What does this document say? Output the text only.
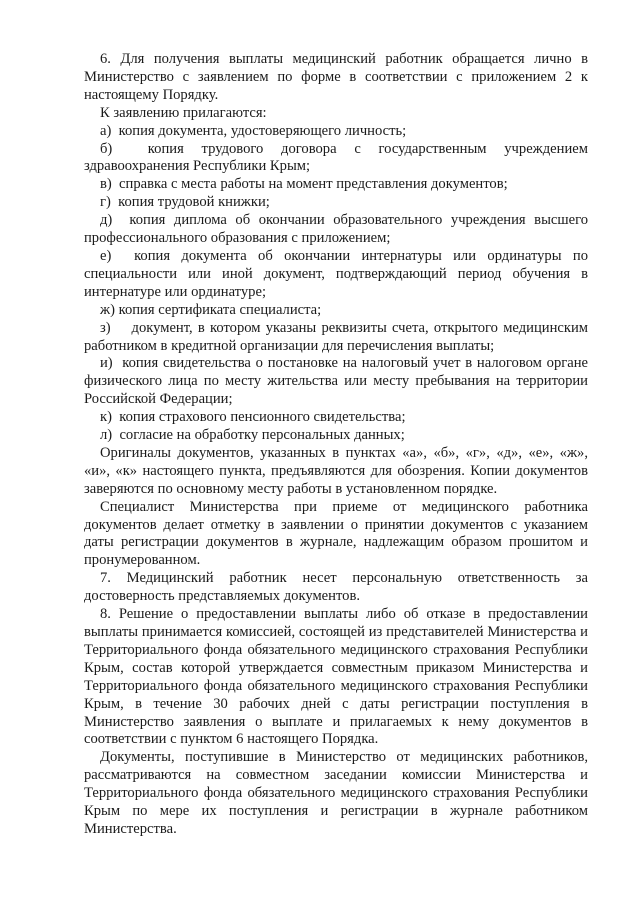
6. Для получения выплаты медицинский работник обращается лично в Министерство с заявлением по форме в соответствии с приложением 2 к настоящему Порядку.

К заявлению прилагаются:

а)  копия документа, удостоверяющего личность;

б)  копия трудового договора с государственным учреждением здравоохранения Республики Крым;

в)  справка с места работы на момент представления документов;

г)  копия трудовой книжки;

д)  копия диплома об окончании образовательного учреждения высшего профессионального образования с приложением;

е)  копия документа об окончании интернатуры или ординатуры по специальности или иной документ, подтверждающий период обучения в интернатуре или ординатуре;

ж) копия сертификата специалиста;

з)    документ, в котором указаны реквизиты счета, открытого медицинским работником в кредитной организации для перечисления выплаты;

и)  копия свидетельства о постановке на налоговый учет в налоговом органе физического лица по месту жительства или месту пребывания на территории Российской Федерации;

к)  копия страхового пенсионного свидетельства;

л)  согласие на обработку персональных данных;

Оригиналы документов, указанных в пунктах «а», «б», «г», «д», «е», «ж», «и», «к» настоящего пункта, предъявляются для обозрения. Копии документов заверяются по основному месту работы в установленном порядке.

Специалист Министерства при приеме от медицинского работника документов делает отметку в заявлении о принятии документов с указанием даты регистрации документов в журнале, надлежащим образом прошитом и пронумерованном.

7. Медицинский работник несет персональную ответственность за достоверность представляемых документов.

8. Решение о предоставлении выплаты либо об отказе в предоставлении выплаты принимается комиссией, состоящей из представителей Министерства и Территориального фонда обязательного медицинского страхования Республики Крым, состав которой утверждается совместным приказом Министерства и Территориального фонда обязательного медицинского страхования Республики Крым, в течение 30 рабочих дней с даты регистрации поступления в Министерство заявления о выплате и прилагаемых к нему документов в соответствии с пунктом 6 настоящего Порядка.

Документы, поступившие в Министерство от медицинских работников, рассматриваются на совместном заседании комиссии Министерства и Территориального фонда обязательного медицинского страхования Республики Крым по мере их поступления и регистрации в журнале работником Министерства.
